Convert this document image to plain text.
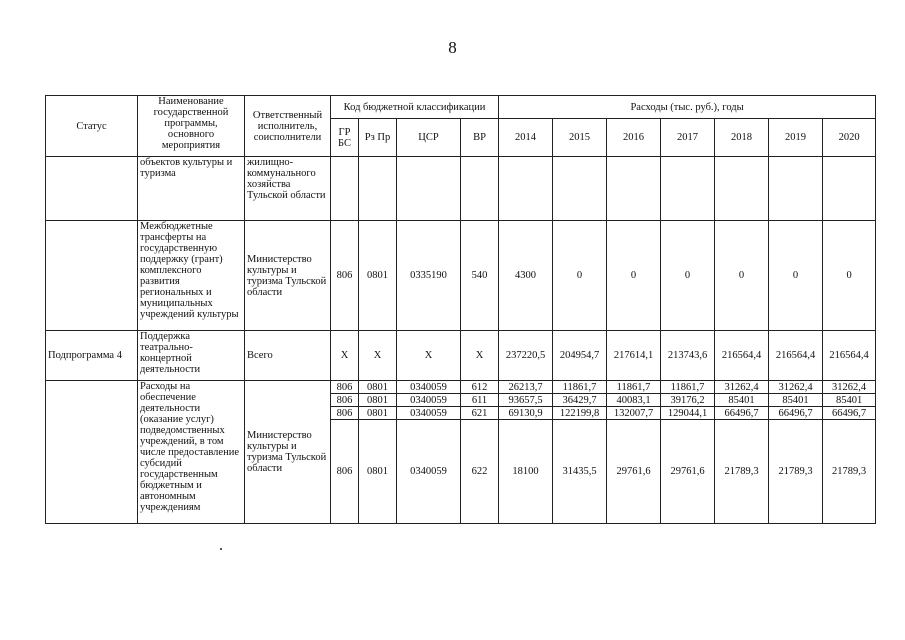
8
Статус	Наименование государственной программы, основного мероприятия	Ответственный исполнитель, соисполнители	Код бюджетной классификации				Расходы (тыс. руб.), годы						
			ГР БС	Рз Пр	ЦСР	ВР	2014	2015	2016	2017	2018	2019	2020
	объектов культуры и туризма	жилищно-коммунального хозяйства Тульской области											
	Межбюджетные трансферты на государственную поддержку (грант) комплексного развития региональных и муниципальных учреждений культуры	Министерство культуры и туризма Тульской области	806	0801	0335190	540	4300	0	0	0	0	0	0
Подпрограмма 4	Поддержка театрально-концертной деятельности	Всего	Х	Х	Х	Х	237220,5	204954,7	217614,1	213743,6	216564,4	216564,4	216564,4
	Расходы на обеспечение деятельности (оказание услуг) подведомственных учреждений, в том числе предоставление субсидий государственным бюджетным и автономным учреждениям	Министерство культуры и туризма Тульской области	806	0801	0340059	612	26213,7	11861,7	11861,7	11861,7	31262,4	31262,4	31262,4
			806	0801	0340059	611	93657,5	36429,7	40083,1	39176,2	85401	85401	85401
			806	0801	0340059	621	69130,9	122199,8	132007,7	129044,1	66496,7	66496,7	66496,7
			806	0801	0340059	622	18100	31435,5	29761,6	29761,6	21789,3	21789,3	21789,3
